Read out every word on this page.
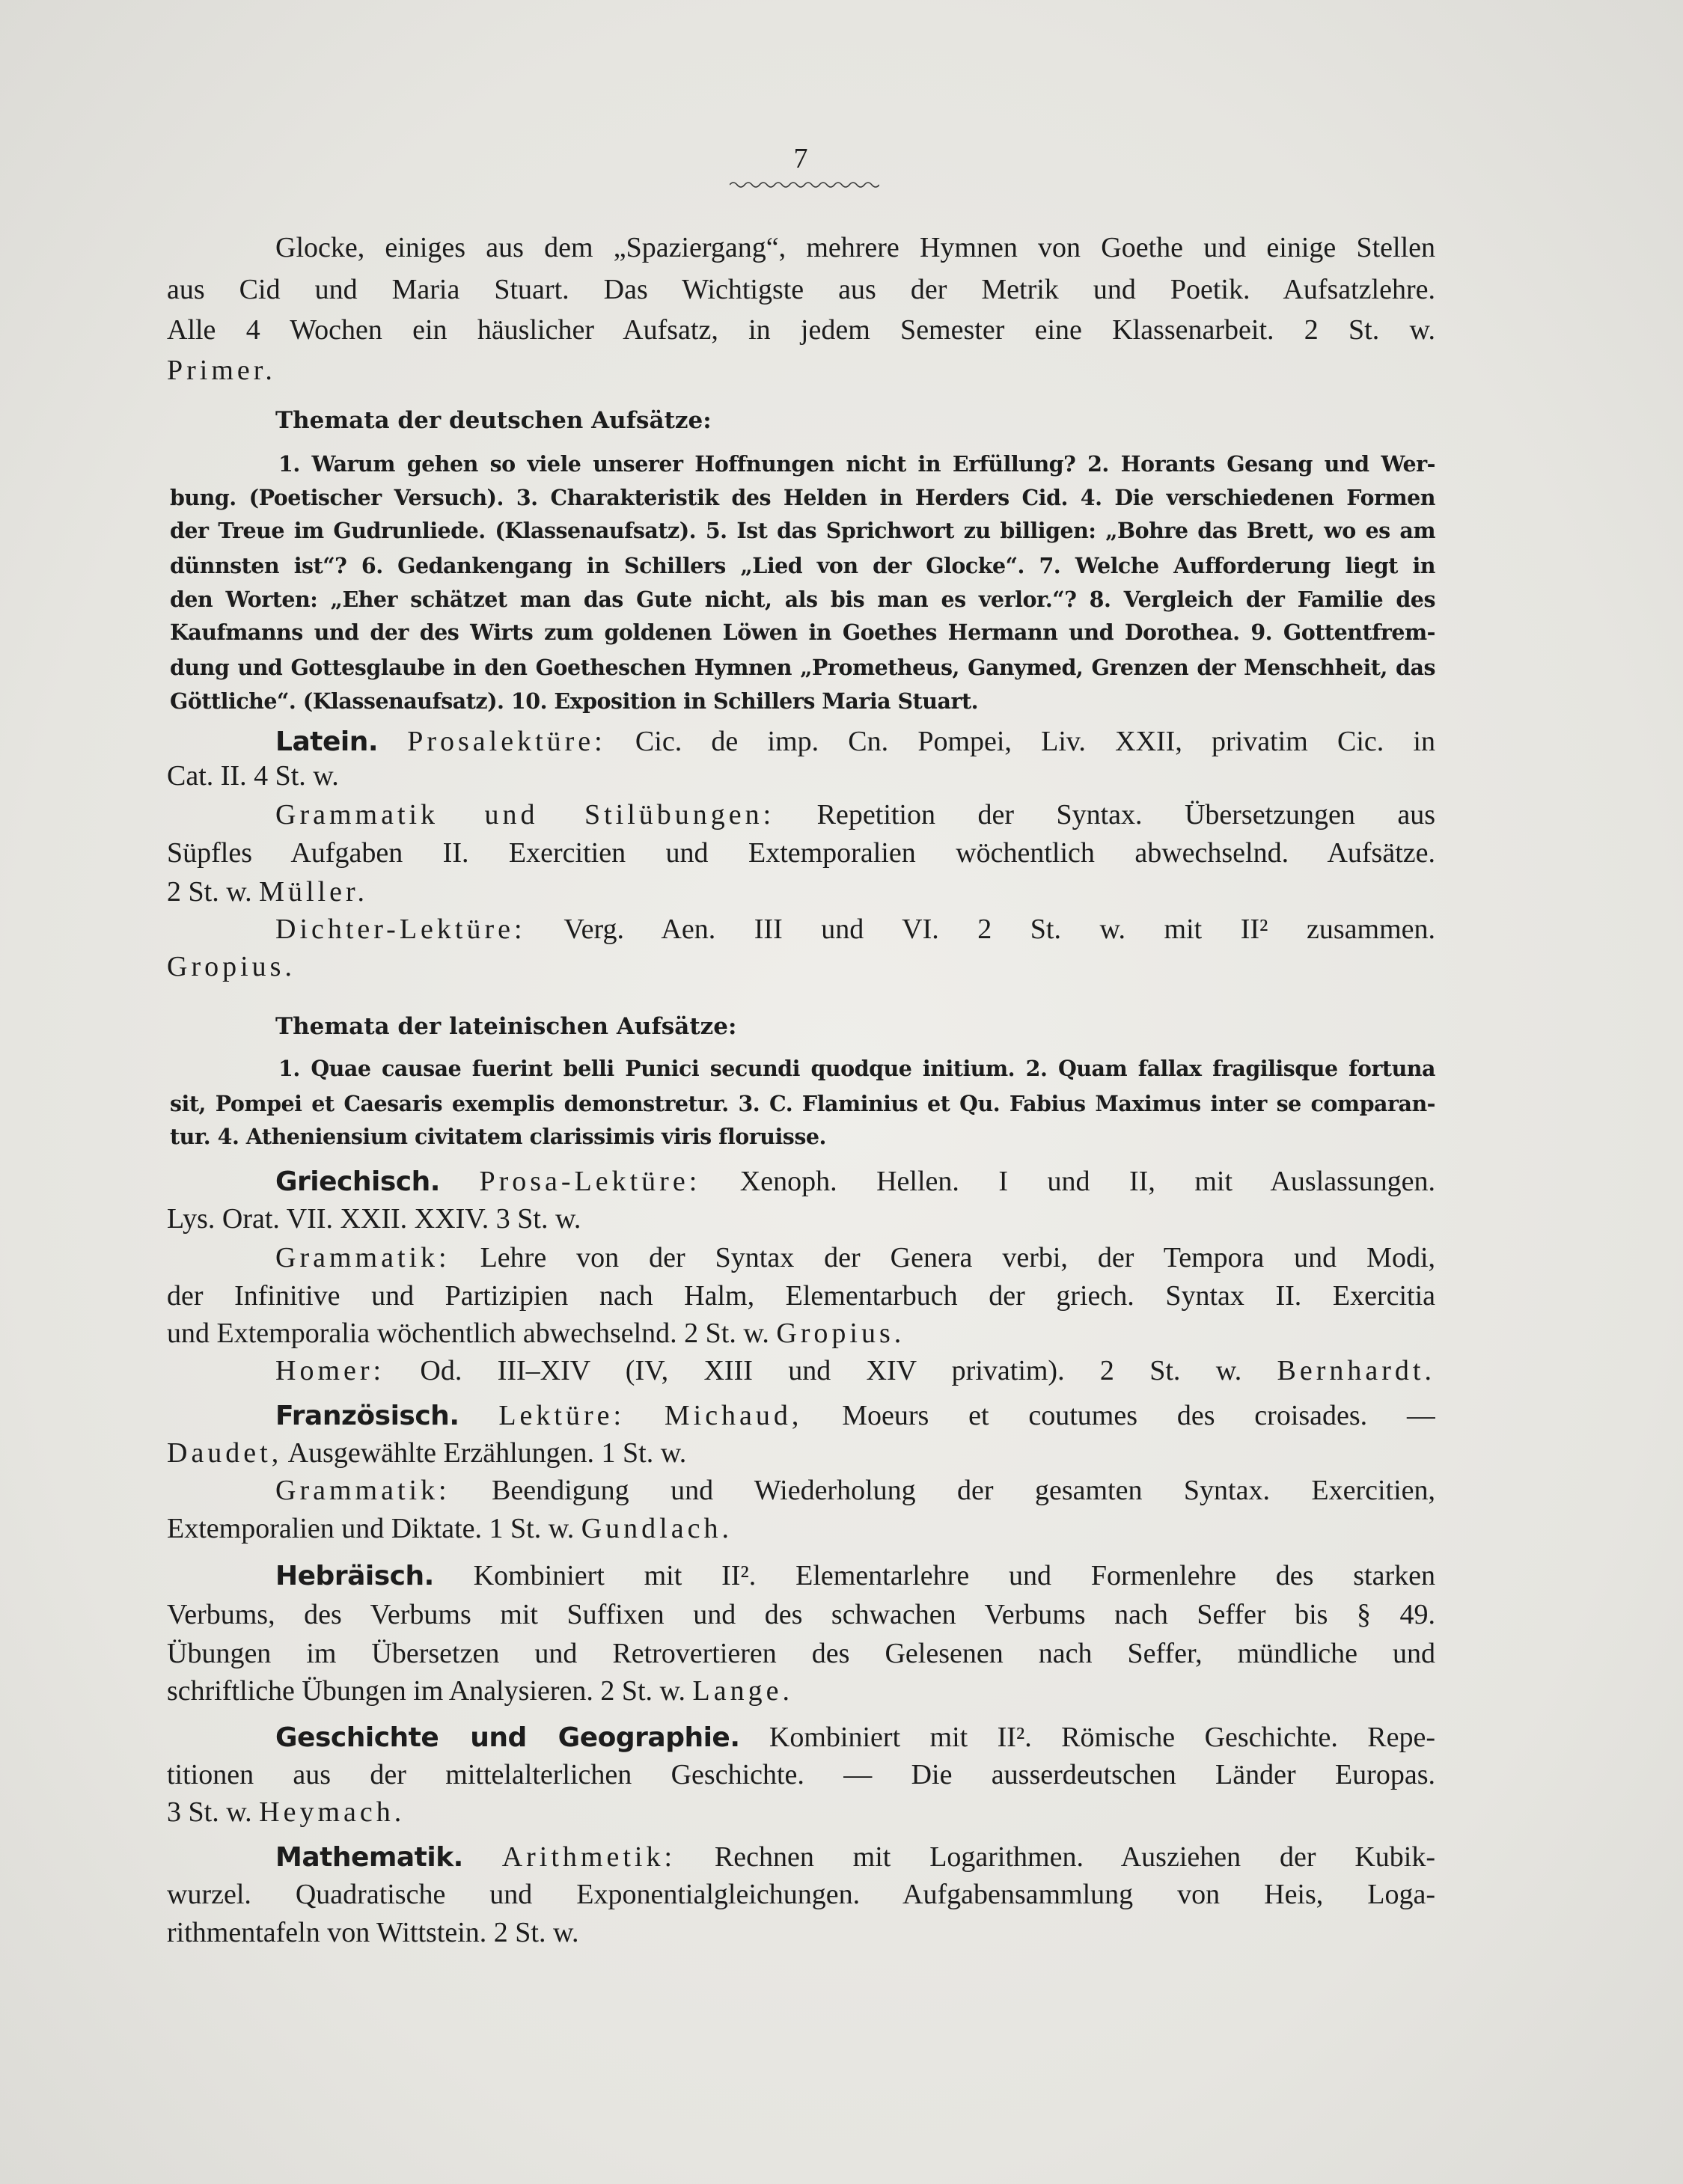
7
Glocke, einiges aus dem „Spaziergang“, mehrere Hymnen von Goethe und einige Stellen
aus Cid und Maria Stuart. Das Wichtigste aus der Metrik und Poetik. Aufsatzlehre.
Alle 4 Wochen ein häuslicher Aufsatz, in jedem Semester eine Klassenarbeit. 2 St. w.
Primer.
Themata der deutschen Aufsätze:
1. Warum gehen so viele unserer Hoffnungen nicht in Erfüllung? 2. Horants Gesang und Wer-
bung. (Poetischer Versuch). 3. Charakteristik des Helden in Herders Cid. 4. Die verschiedenen Formen
der Treue im Gudrunliede. (Klassenaufsatz). 5. Ist das Sprichwort zu billigen: „Bohre das Brett, wo es am
dünnsten ist“? 6. Gedankengang in Schillers „Lied von der Glocke“. 7. Welche Aufforderung liegt in
den Worten: „Eher schätzet man das Gute nicht, als bis man es verlor.“? 8. Vergleich der Familie des
Kaufmanns und der des Wirts zum goldenen Löwen in Goethes Hermann und Dorothea. 9. Gottentfrem-
dung und Gottesglaube in den Goetheschen Hymnen „Prometheus, Ganymed, Grenzen der Menschheit, das
Göttliche“. (Klassenaufsatz). 10. Exposition in Schillers Maria Stuart.
Latein. Prosalektüre: Cic. de imp. Cn. Pompei, Liv. XXII, privatim Cic. in
Cat. II. 4 St. w.
Grammatik und Stilübungen: Repetition der Syntax. Übersetzungen aus
Süpfles Aufgaben II. Exercitien und Extemporalien wöchentlich abwechselnd. Aufsätze.
2 St. w. Müller.
Dichter-Lektüre: Verg. Aen. III und VI. 2 St. w. mit II² zusammen.
Gropius.
Themata der lateinischen Aufsätze:
1. Quae causae fuerint belli Punici secundi quodque initium. 2. Quam fallax fragilisque fortuna
sit, Pompei et Caesaris exemplis demonstretur. 3. C. Flaminius et Qu. Fabius Maximus inter se comparan-
tur. 4. Atheniensium civitatem clarissimis viris floruisse.
Griechisch. Prosa-Lektüre: Xenoph. Hellen. I und II, mit Auslassungen.
Lys. Orat. VII. XXII. XXIV. 3 St. w.
Grammatik: Lehre von der Syntax der Genera verbi, der Tempora und Modi,
der Infinitive und Partizipien nach Halm, Elementarbuch der griech. Syntax II. Exercitia
und Extemporalia wöchentlich abwechselnd. 2 St. w. Gropius.
Homer: Od. III–XIV (IV, XIII und XIV privatim). 2 St. w. Bernhardt.
Französisch. Lektüre: Michaud, Moeurs et coutumes des croisades. —
Daudet, Ausgewählte Erzählungen. 1 St. w.
Grammatik: Beendigung und Wiederholung der gesamten Syntax. Exercitien,
Extemporalien und Diktate. 1 St. w. Gundlach.
Hebräisch. Kombiniert mit II². Elementarlehre und Formenlehre des starken
Verbums, des Verbums mit Suffixen und des schwachen Verbums nach Seffer bis § 49.
Übungen im Übersetzen und Retrovertieren des Gelesenen nach Seffer, mündliche und
schriftliche Übungen im Analysieren. 2 St. w. Lange.
Geschichte und Geographie. Kombiniert mit II². Römische Geschichte. Repe-
titionen aus der mittelalterlichen Geschichte. — Die ausserdeutschen Länder Europas.
3 St. w. Heymach.
Mathematik. Arithmetik: Rechnen mit Logarithmen. Ausziehen der Kubik-
wurzel. Quadratische und Exponentialgleichungen. Aufgabensammlung von Heis, Loga-
rithmentafeln von Wittstein. 2 St. w.
